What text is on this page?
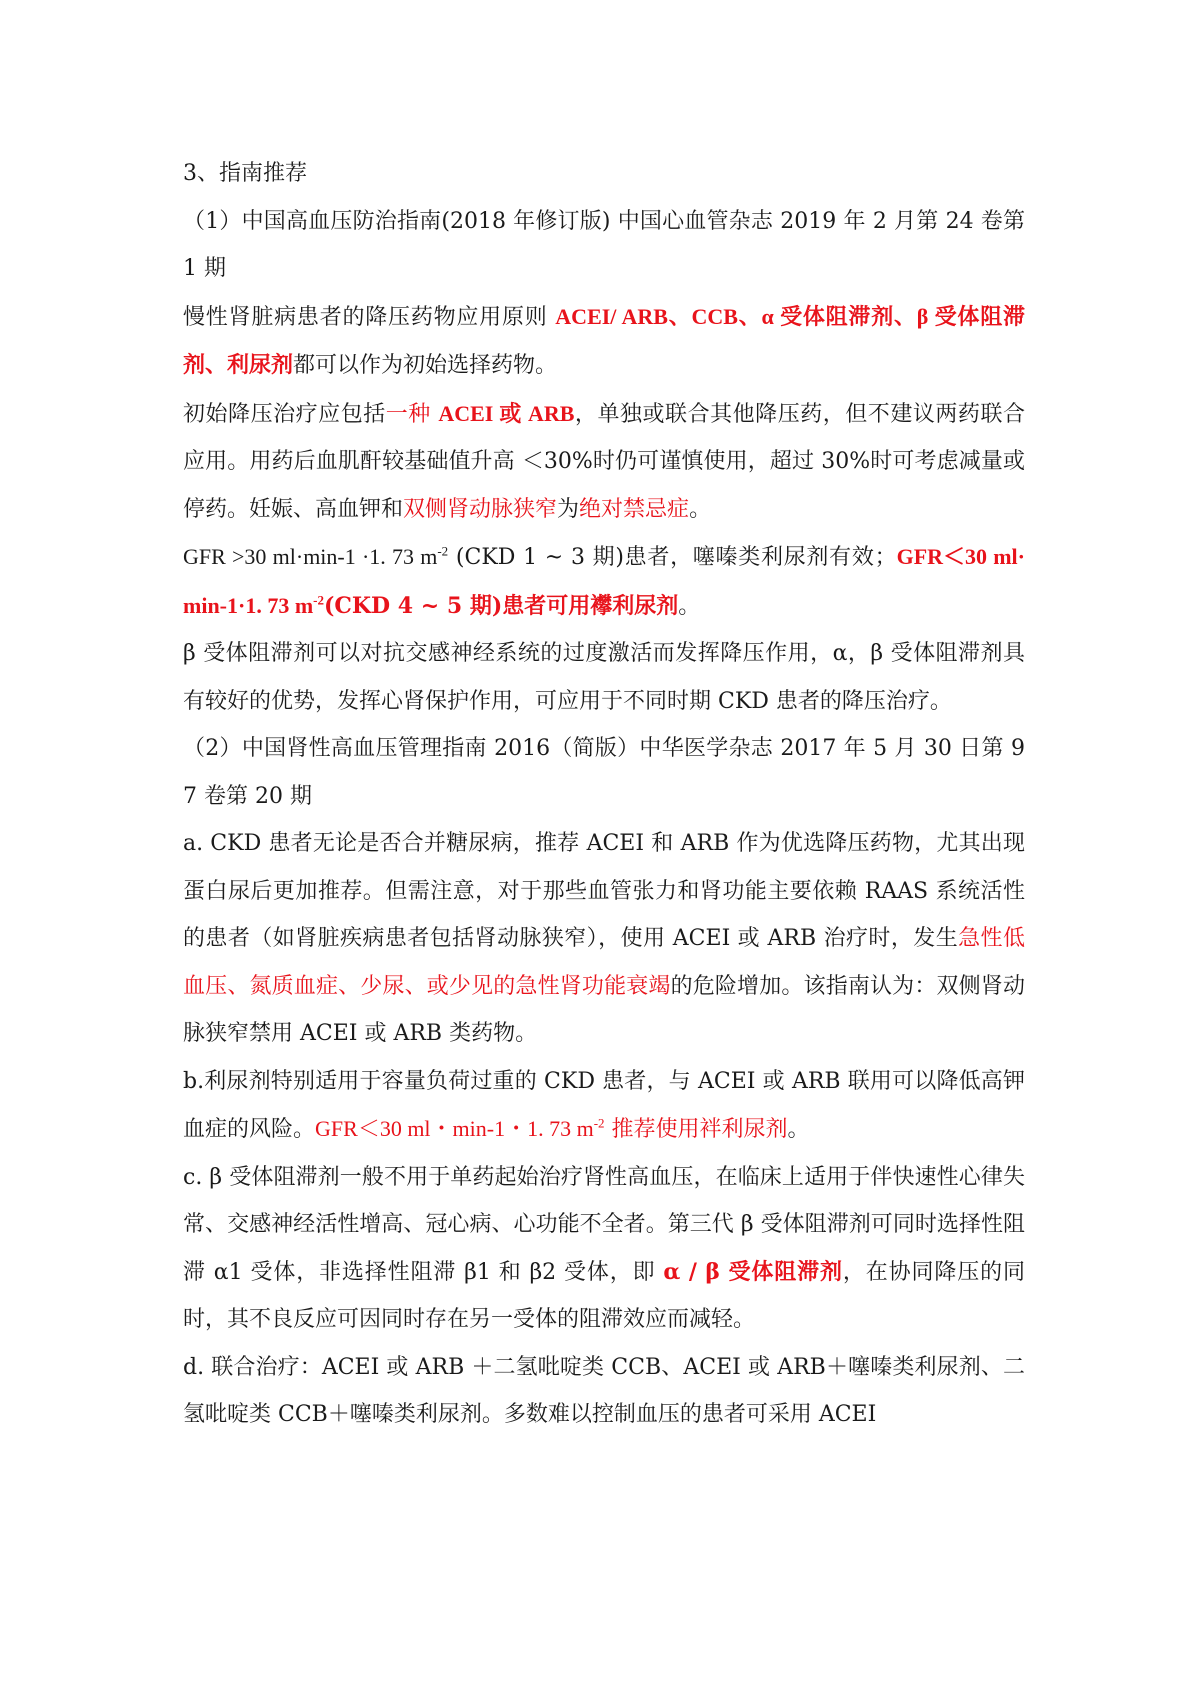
3、指南推荐

（1）中国高血压防治指南(2018 年修订版) 中国心血管杂志 2019 年 2 月第 24 卷第 1 期

慢性肾脏病患者的降压药物应用原则 ACEI/ ARB、CCB、α 受体阻滞剂、β 受体阻滞剂、利尿剂都可以作为初始选择药物。

初始降压治疗应包括一种 ACEI 或 ARB，单独或联合其他降压药，但不建议两药联合应用。用药后血肌酐较基础值升高 ＜30%时仍可谨慎使用，超过 30%时可考虑减量或停药。妊娠、高血钾和双侧肾动脉狭窄为绝对禁忌症。

GFR >30 ml·min-1 ·1. 73 $m^{-2}$ (CKD 1 ~ 3 期)患者，噻嗪类利尿剂有效；GFR＜30 ml·min-1·1. 73 $m^{-2}(CKD$ 4 ~ 5 期)患者可用襻利尿剂。

β 受体阻滞剂可以对抗交感神经系统的过度激活而发挥降压作用，α，β 受体阻滞剂具有较好的优势，发挥心肾保护作用，可应用于不同时期 CKD 患者的降压治疗。

（2）中国肾性高血压管理指南 2016（简版）中华医学杂志 2017 年 5 月 30 日第 97 卷第 20 期

a. CKD 患者无论是否合并糖尿病，推荐 ACEI 和 ARB 作为优选降压药物，尤其出现蛋白尿后更加推荐。但需注意，对于那些血管张力和肾功能主要依赖 RAAS 系统活性的患者（如肾脏疾病患者包括肾动脉狭窄），使用 ACEI 或 ARB 治疗时，发生急性低血压、氮质血症、少尿、或少见的急性肾功能衰竭的危险增加。该指南认为：双侧肾动脉狭窄禁用 ACEI 或 ARB 类药物。

b.利尿剂特别适用于容量负荷过重的 CKD 患者，与 ACEI 或 ARB 联用可以降低高钾血症的风险。GFR＜30 ml・min-1・1. 73 $m^{-2}$ 推荐使用袢利尿剂。

c. β 受体阻滞剂一般不用于单药起始治疗肾性高血压，在临床上适用于伴快速性心律失常、交感神经活性增高、冠心病、心功能不全者。第三代 β 受体阻滞剂可同时选择性阻滞 α1 受体，非选择性阻滞 β1 和 β2 受体，即 α / β 受体阻滞剂，在协同降压的同时，其不良反应可因同时存在另一受体的阻滞效应而减轻。

d. 联合治疗：ACEI 或 ARB ＋二氢吡啶类 CCB、ACEI 或 ARB＋噻嗪类利尿剂、二氢吡啶类 CCB＋噻嗪类利尿剂。多数难以控制血压的患者可采用 ACEI
